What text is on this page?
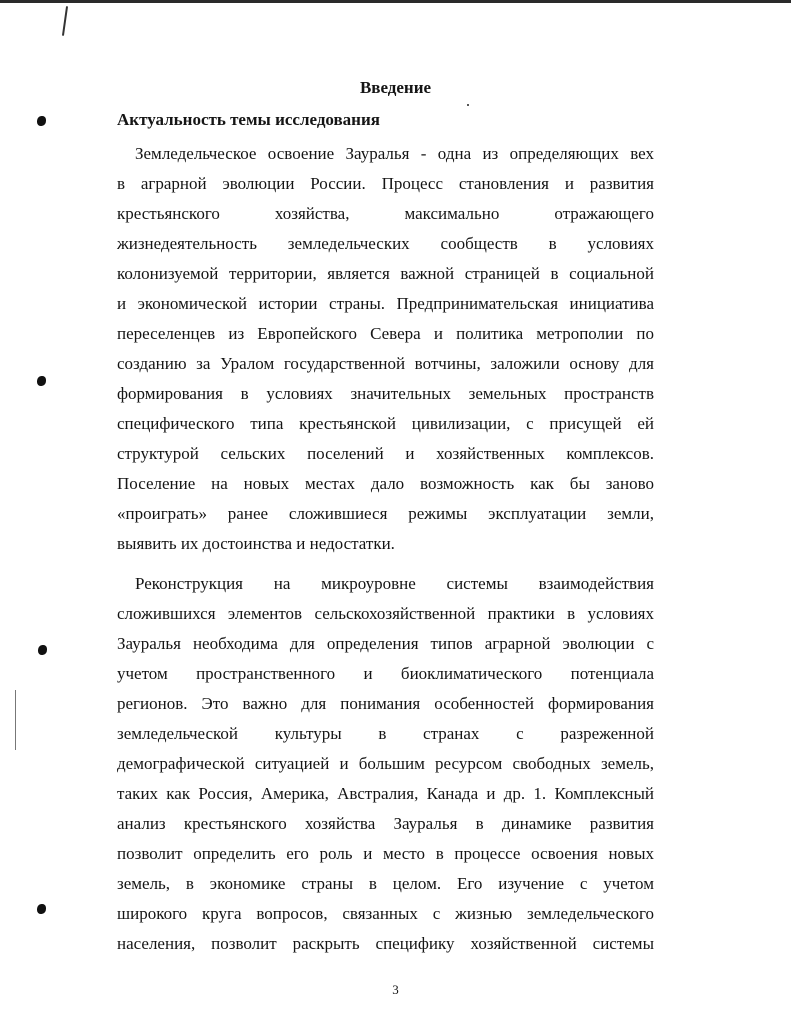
Введение
Актуальность темы исследования
Земледельческое освоение Зауралья - одна из определяющих вех
в аграрной эволюции России. Процесс становления и развития
крестьянского хозяйства, максимально отражающего
жизнедеятельность земледельческих сообществ в условиях
колонизуемой территории, является важной страницей в социальной
и экономической истории страны. Предпринимательская инициатива
переселенцев из Европейского Севера и политика метрополии по
созданию за Уралом государственной вотчины, заложили основу для
формирования в условиях значительных земельных пространств
специфического типа крестьянской цивилизации, с присущей ей
структурой сельских поселений и хозяйственных комплексов.
Поселение на новых местах дало возможность как бы заново
«проиграть» ранее сложившиеся режимы эксплуатации земли,
выявить их достоинства и недостатки.
Реконструкция на микроуровне системы взаимодействия
сложившихся элементов сельскохозяйственной практики в условиях
Зауралья необходима для определения типов аграрной эволюции с
учетом пространственного и биоклиматического потенциала
регионов. Это важно для понимания особенностей формирования
земледельческой культуры в странах с разреженной
демографической ситуацией и большим ресурсом свободных земель,
таких как Россия, Америка, Австралия, Канада и др. 1. Комплексный
анализ крестьянского хозяйства Зауралья в динамике развития
позволит определить его роль и место в процессе освоения новых
земель, в экономике страны в целом. Его изучение с учетом
широкого круга вопросов, связанных с жизнью земледельческого
населения, позволит раскрыть специфику хозяйственной системы
3
